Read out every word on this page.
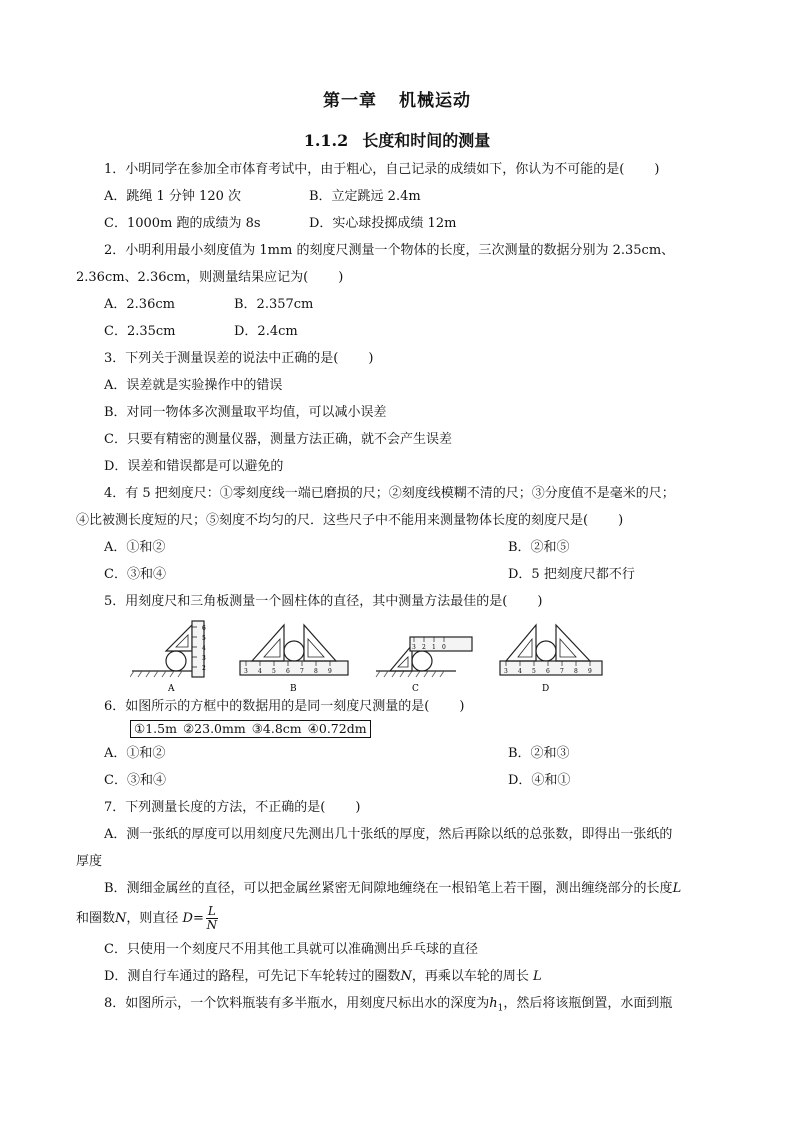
第一章 机械运动
1.1.2 长度和时间的测量
1．小明同学在参加全市体育考试中，由于粗心，自己记录的成绩如下，你认为不可能的是( )
A．跳绳 1 分钟 120 次	B．立定跳远 2.4m
C．1000m 跑的成绩为 8s	D．实心球投掷成绩 12m
2．小明利用最小刻度值为 1mm 的刻度尺测量一个物体的长度，三次测量的数据分别为 2.35cm、
2.36cm、2.36cm，则测量结果应记为( )
A．2.36cm	B．2.357cm
C．2.35cm	D．2.4cm
3．下列关于测量误差的说法中正确的是( )
A．误差就是实验操作中的错误
B．对同一物体多次测量取平均值，可以减小误差
C．只要有精密的测量仪器，测量方法正确，就不会产生误差
D．误差和错误都是可以避免的
4．有 5 把刻度尺：①零刻度线一端已磨损的尺；②刻度线模糊不清的尺；③分度值不是毫米的尺；
④比被测长度短的尺；⑤刻度不均匀的尺．这些尺子中不能用来测量物体长度的刻度尺是( )
A．①和②	B．②和⑤
C．③和④	D．5 把刻度尺都不行
5．用刻度尺和三角板测量一个圆柱体的直径，其中测量方法最佳的是( )
6
5
4
3
2
A
3 4 5 6 7 8 9
B
3 2 1 0
C
3 4 5 6 7 8 9
D
6．如图所示的方框中的数据用的是同一刻度尺测量的是( )
①1.5m ②23.0mm ③4.8cm ④0.72dm
A．①和②	B．②和③
C．③和④	D．④和①
7．下列测量长度的方法，不正确的是( )
A．测一张纸的厚度可以用刻度尺先测出几十张纸的厚度，然后再除以纸的总张数，即得出一张纸的
厚度
B．测细金属丝的直径，可以把金属丝紧密无间隙地缠绕在一根铅笔上若干圈，测出缠绕部分的长度L
和圈数N，则直径 $D= \frac{L}{N}$
C．只使用一个刻度尺不用其他工具就可以准确测出乒乓球的直径
D．测自行车通过的路程，可先记下车轮转过的圈数N，再乘以车轮的周长 L
8．如图所示，一个饮料瓶装有多半瓶水，用刻度尺标出水的深度为$h_1$，然后将该瓶倒置，水面到瓶
